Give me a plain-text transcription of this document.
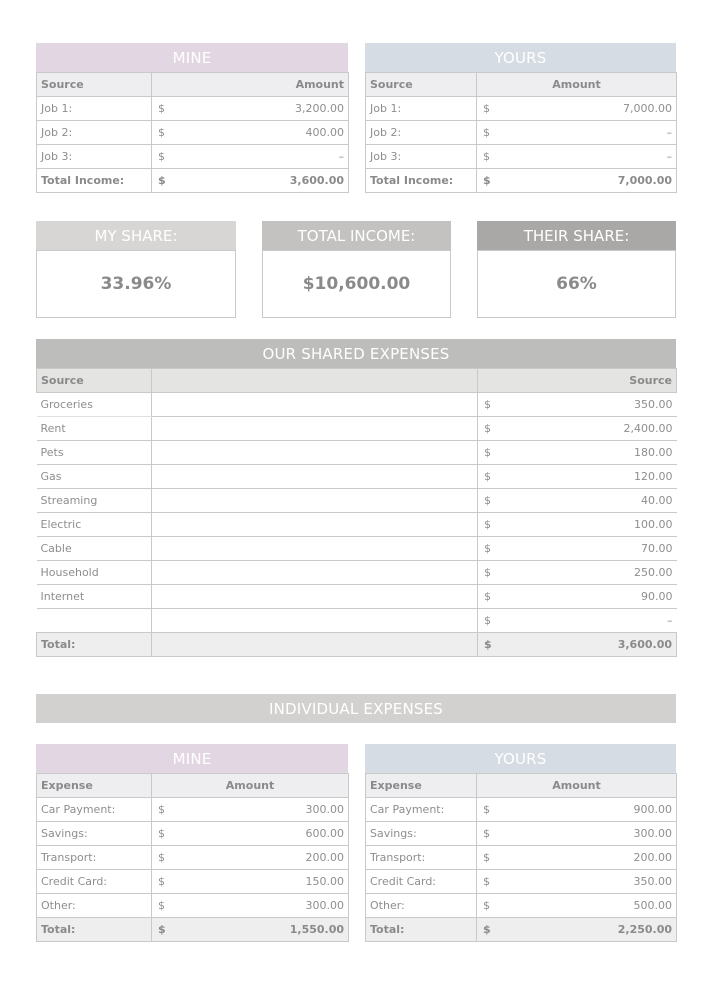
MINE
Source	Amount	
Job 1:	$	3,200.00
Job 2:	$	400.00
Job 3:	$	–
Total Income:	$	3,600.00
YOURS
Source	Amount	
Job 1:	$	7,000.00
Job 2:	$	–
Job 3:	$	–
Total Income:	$	7,000.00
MY SHARE:
33.96%
TOTAL INCOME:
$10,600.00
THEIR SHARE:
66%
OUR SHARED EXPENSES
Source		Source	
Groceries		$	350.00
Rent		$	2,400.00
Pets		$	180.00
Gas		$	120.00
Streaming		$	40.00
Electric		$	100.00
Cable		$	70.00
Household		$	250.00
Internet		$	90.00
		$	–
Total:		$	3,600.00
INDIVIDUAL EXPENSES
MINE
Expense	Amount	
Car Payment:	$	300.00
Savings:	$	600.00
Transport:	$	200.00
Credit Card:	$	150.00
Other:	$	300.00
Total:	$	1,550.00
YOURS
Expense	Amount	
Car Payment:	$	900.00
Savings:	$	300.00
Transport:	$	200.00
Credit Card:	$	350.00
Other:	$	500.00
Total:	$	2,250.00
